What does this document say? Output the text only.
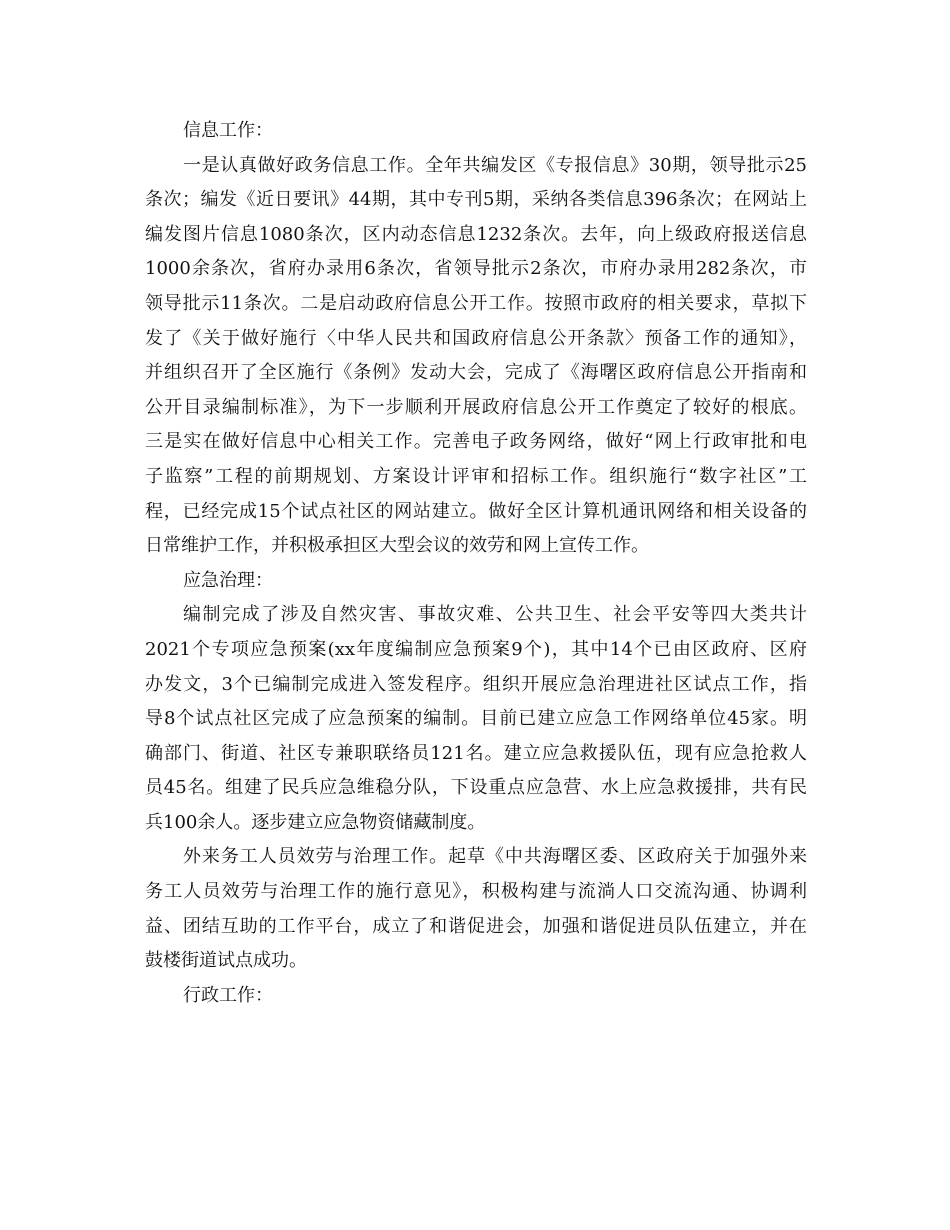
信息工作：
一是认真做好政务信息工作。全年共编发区《专报信息》30期，领导批示25
条次；编发《近日要讯》44期，其中专刊5期，采纳各类信息396条次；在网站上
编发图片信息1080条次，区内动态信息1232条次。去年，向上级政府报送信息
1000余条次，省府办录用6条次，省领导批示2条次，市府办录用282条次，市
领导批示11条次。二是启动政府信息公开工作。按照市政府的相关要求，草拟下
发了《关于做好施行〈中华人民共和国政府信息公开条款〉预备工作的通知》，
并组织召开了全区施行《条例》发动大会，完成了《海曙区政府信息公开指南和
公开目录编制标准》，为下一步顺利开展政府信息公开工作奠定了较好的根底。
三是实在做好信息中心相关工作。完善电子政务网络，做好“网上行政审批和电
子监察”工程的前期规划、方案设计评审和招标工作。组织施行“数字社区”工
程，已经完成15个试点社区的网站建立。做好全区计算机通讯网络和相关设备的
日常维护工作，并积极承担区大型会议的效劳和网上宣传工作。
应急治理：
编制完成了涉及自然灾害、事故灾难、公共卫生、社会平安等四大类共计
2021个专项应急预案(xx年度编制应急预案9个)，其中14个已由区政府、区府
办发文，3个已编制完成进入签发程序。组织开展应急治理进社区试点工作，指
导8个试点社区完成了应急预案的编制。目前已建立应急工作网络单位45家。明
确部门、街道、社区专兼职联络员121名。建立应急救援队伍，现有应急抢救人
员45名。组建了民兵应急维稳分队，下设重点应急营、水上应急救援排，共有民
兵100余人。逐步建立应急物资储藏制度。
外来务工人员效劳与治理工作。起草《中共海曙区委、区政府关于加强外来
务工人员效劳与治理工作的施行意见》，积极构建与流淌人口交流沟通、协调利
益、团结互助的工作平台，成立了和谐促进会，加强和谐促进员队伍建立，并在
鼓楼街道试点成功。
行政工作：
